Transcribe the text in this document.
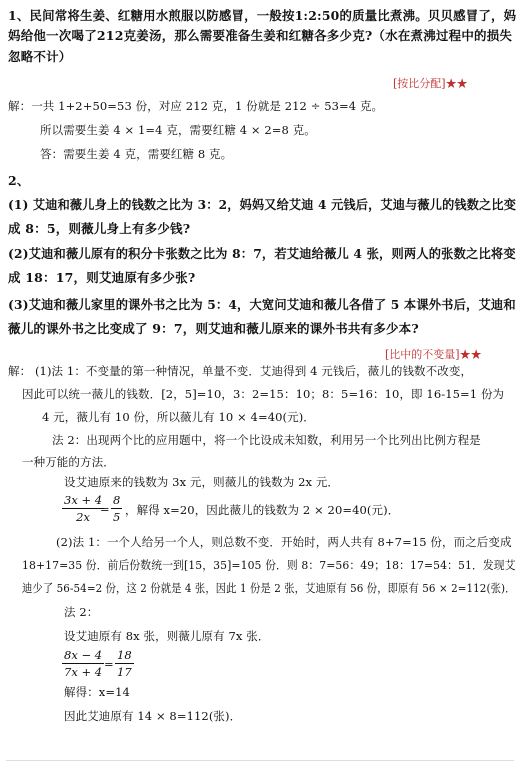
1、民间常将生姜、红糖用水煎服以防感冒，一般按1:2:50的质量比煮沸。贝贝感冒了，妈
妈给他一次喝了212克姜汤，那么需要准备生姜和红糖各多少克?（水在煮沸过程中的损失
忽略不计）
[按比分配]★★
解：一共 1+2+50=53 份，对应 212 克，1 份就是 212 ÷ 53=4 克。
所以需要生姜 4 × 1=4 克，需要红糖 4 × 2=8 克。
答：需要生姜 4 克，需要红糖 8 克。
2、
(1) 艾迪和薇儿身上的钱数之比为 3：2，妈妈又给艾迪 4 元钱后，艾迪与薇儿的钱数之比变
成 8：5，则薇儿身上有多少钱?
(2)艾迪和薇儿原有的积分卡张数之比为 8：7，若艾迪给薇儿 4 张，则两人的张数之比将变
成 18：17，则艾迪原有多少张?
(3)艾迪和薇儿家里的课外书之比为 5：4，大宽问艾迪和薇儿各借了 5 本课外书后，艾迪和
薇儿的课外书之比变成了 9：7，则艾迪和薇儿原来的课外书共有多少本?
[比中的不变量]★★
解： (1)法 1：不变量的第一种情况，单量不变．艾迪得到 4 元钱后，薇儿的钱数不改变，
因此可以统一薇儿的钱数．[2，5]=10，3：2=15：10；8：5=16：10，即 16-15=1 份为
4 元，薇儿有 10 份，所以薇儿有 10 × 4=40(元)．
法 2：出现两个比的应用题中，将一个比设成未知数，利用另一个比列出比例方程是
一种万能的方法．
设艾迪原来的钱数为 3x 元，则薇儿的钱数为 2x 元．
$\frac{3x + 4}{2x}$
= $\frac{8}{5}$ ，解得 x=20，因此薇儿的钱数为 2 × 20=40(元)．
(2)法 1：一个人给另一个人，则总数不变．开始时，两人共有 8+7=15 份，而之后变成
18+17=35 份．前后份数统一到[15，35]=105 份．则 8：7=56：49；18：17=54：51．发现艾
迪少了 56-54=2 份，这 2 份就是 4 张，因此 1 份是 2 张，艾迪原有 56 份，即原有 56 × 2=112(张)．
法 2：
设艾迪原有 8x 张，则薇儿原有 7x 张．
$\frac{8x - 4}{7x + 4} = \frac{18}{17}$
解得：x=14
因此艾迪原有 14 × 8=112(张)．
